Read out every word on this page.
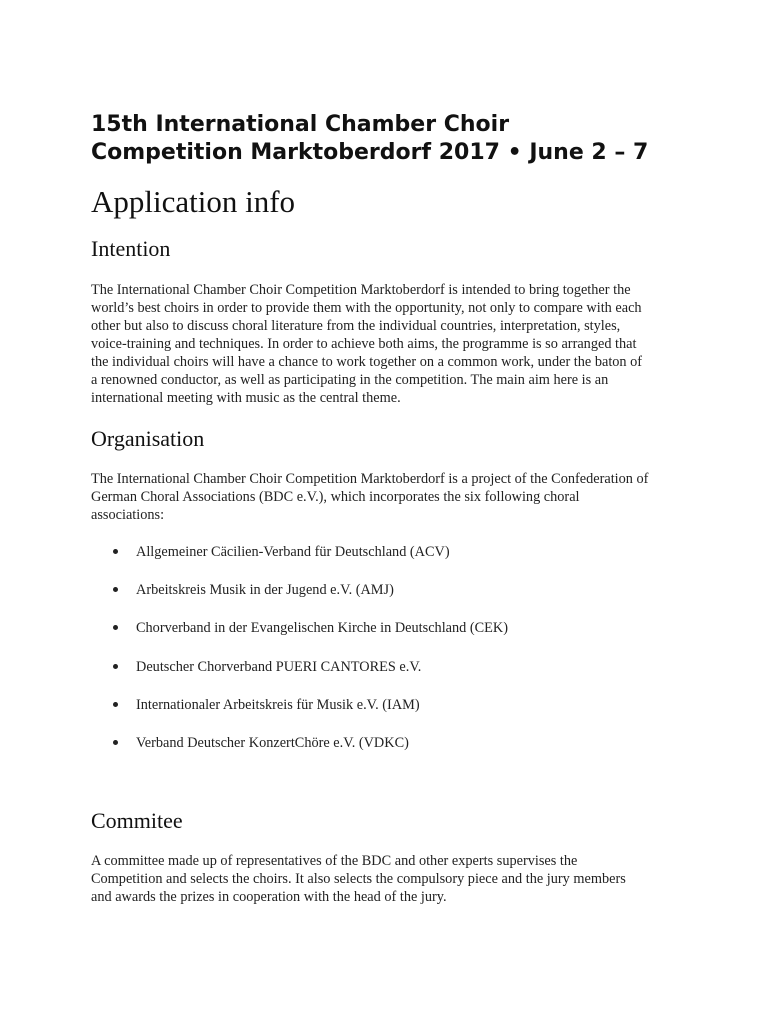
15th International Chamber Choir
Competition Marktoberdorf 2017 • June 2 – 7
Application info
Intention
The International Chamber Choir Competition Marktoberdorf is intended to bring together the
world’s best choirs in order to provide them with the opportunity, not only to compare with each
other but also to discuss choral literature from the individual countries, interpretation, styles,
voice-training and techniques. In order to achieve both aims, the programme is so arranged that
the individual choirs will have a chance to work together on a common work, under the baton of
a renowned conductor, as well as participating in the competition. The main aim here is an
international meeting with music as the central theme.
Organisation
The International Chamber Choir Competition Marktoberdorf is a project of the Confederation of
German Choral Associations (BDC e.V.), which incorporates the six following choral
associations:
Allgemeiner Cäcilien-Verband für Deutschland (ACV)
Arbeitskreis Musik in der Jugend e.V. (AMJ)
Chorverband in der Evangelischen Kirche in Deutschland (CEK)
Deutscher Chorverband PUERI CANTORES e.V.
Internationaler Arbeitskreis für Musik e.V. (IAM)
Verband Deutscher KonzertChöre e.V. (VDKC)
Commitee
A committee made up of representatives of the BDC and other experts supervises the
Competition and selects the choirs. It also selects the compulsory piece and the jury members
and awards the prizes in cooperation with the head of the jury.
